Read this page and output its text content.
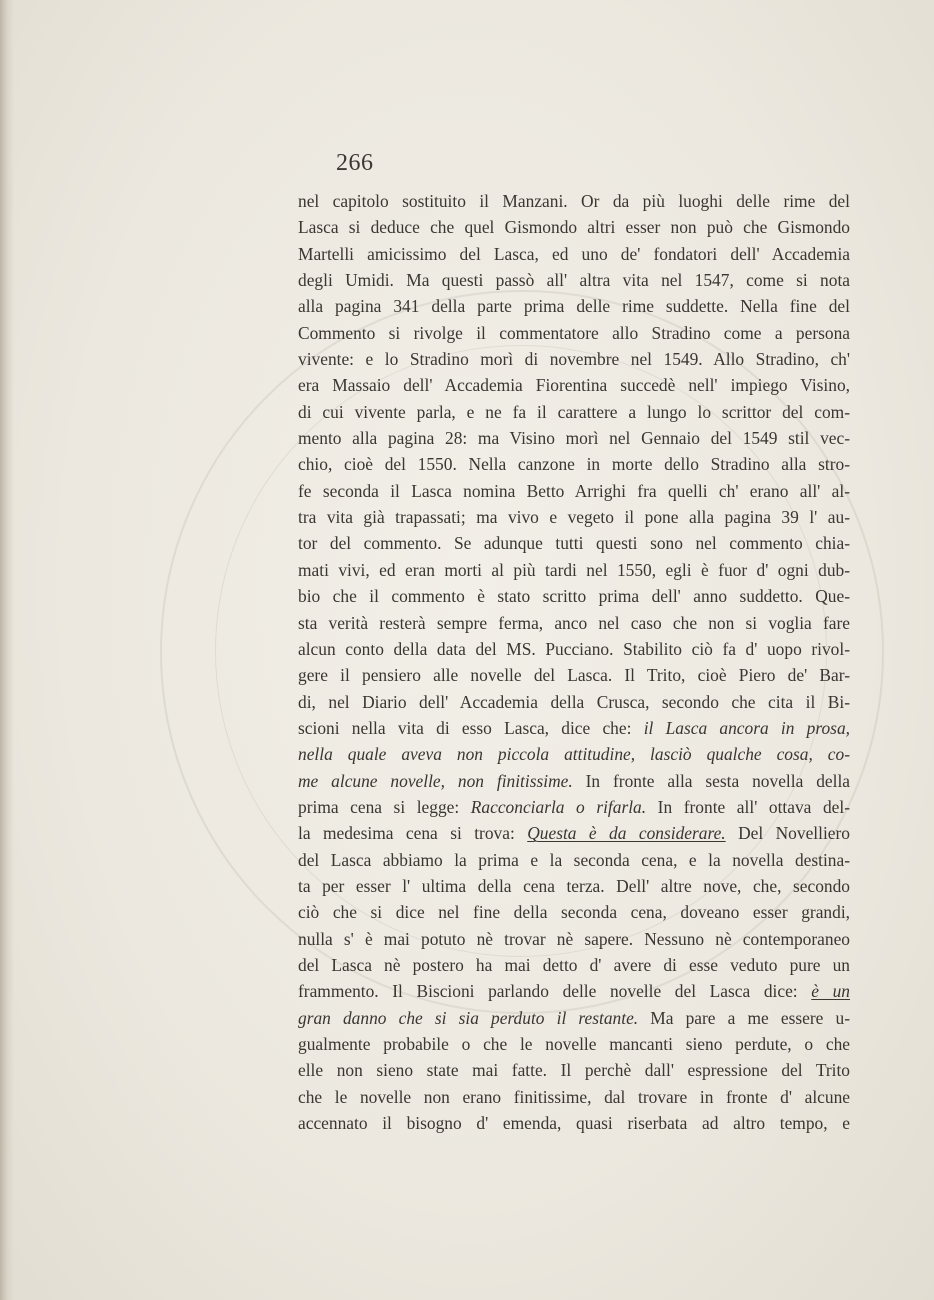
266
nel capitolo sostituito il Manzani. Or da più luoghi delle rime del
Lasca si deduce che quel Gismondo altri esser non può che Gismondo
Martelli amicissimo del Lasca, ed uno de' fondatori dell' Accademia
degli Umidi. Ma questi passò all' altra vita nel 1547, come si nota
alla pagina 341 della parte prima delle rime suddette. Nella fine del
Commento si rivolge il commentatore allo Stradino come a persona
vivente: e lo Stradino morì di novembre nel 1549. Allo Stradino, ch'
era Massaio dell' Accademia Fiorentina succedè nell' impiego Visino,
di cui vivente parla, e ne fa il carattere a lungo lo scrittor del com-
mento alla pagina 28: ma Visino morì nel Gennaio del 1549 stil vec-
chio, cioè del 1550. Nella canzone in morte dello Stradino alla stro-
fe seconda il Lasca nomina Betto Arrighi fra quelli ch' erano all' al-
tra vita già trapassati; ma vivo e vegeto il pone alla pagina 39 l' au-
tor del commento. Se adunque tutti questi sono nel commento chia-
mati vivi, ed eran morti al più tardi nel 1550, egli è fuor d' ogni dub-
bio che il commento è stato scritto prima dell' anno suddetto. Que-
sta verità resterà sempre ferma, anco nel caso che non si voglia fare
alcun conto della data del MS. Pucciano. Stabilito ciò fa d' uopo rivol-
gere il pensiero alle novelle del Lasca. Il Trito, cioè Piero de' Bar-
di, nel Diario dell' Accademia della Crusca, secondo che cita il Bi-
scioni nella vita di esso Lasca, dice che: il Lasca ancora in prosa,
nella quale aveva non piccola attitudine, lasciò qualche cosa, co-
me alcune novelle, non finitissime. In fronte alla sesta novella della
prima cena si legge: Racconciarla o rifarla. In fronte all' ottava del-
la medesima cena si trova: Questa è da considerare. Del Novelliero
del Lasca abbiamo la prima e la seconda cena, e la novella destina-
ta per esser l' ultima della cena terza. Dell' altre nove, che, secondo
ciò che si dice nel fine della seconda cena, doveano esser grandi,
nulla s' è mai potuto nè trovar nè sapere. Nessuno nè contemporaneo
del Lasca nè postero ha mai detto d' avere di esse veduto pure un
frammento. Il Biscioni parlando delle novelle del Lasca dice: è un
gran danno che si sia perduto il restante. Ma pare a me essere u-
gualmente probabile o che le novelle mancanti sieno perdute, o che
elle non sieno state mai fatte. Il perchè dall' espressione del Trito
che le novelle non erano finitissime, dal trovare in fronte d' alcune
accennato il bisogno d' emenda, quasi riserbata ad altro tempo, e
